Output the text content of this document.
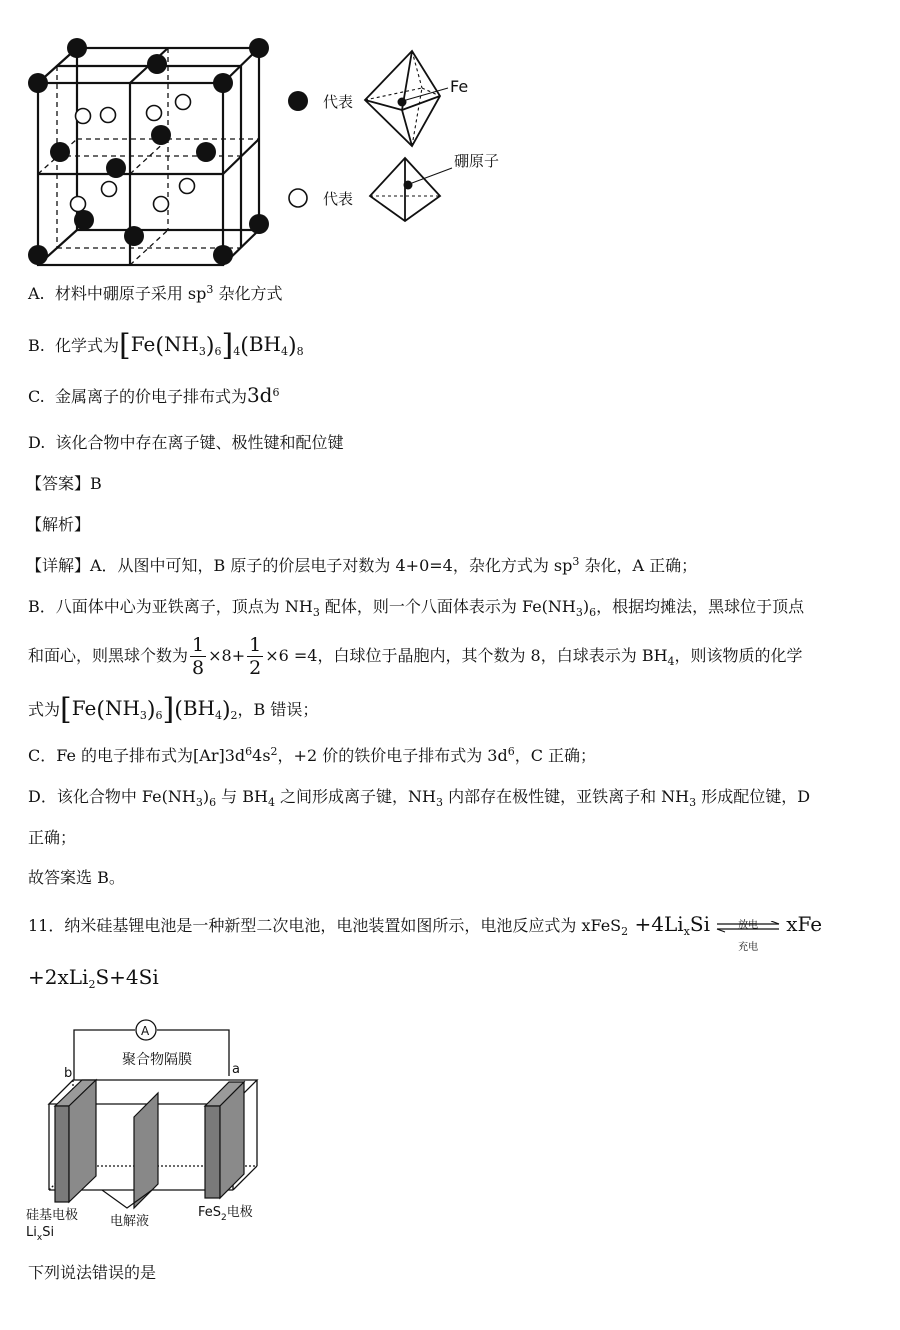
代表
Fe
代表
硼原子
A. 材料中硼原子采用 $sp^3$ 杂化方式
B. 化学式为$[Fe(NH_3)_6]_4(BH_4)_8$
C. 金属离子的价电子排布式为$3d^6$
D. 该化合物中存在离子键、极性键和配位键
【答案】B
【解析】
【详解】A．从图中可知，B 原子的价层电子对数为 4+0=4，杂化方式为 $sp^3$ 杂化，A 正确；
B．八面体中心为亚铁离子，顶点为 $NH_3$ 配体，则一个八面体表示为 $Fe(NH_3)_6$，根据均摊法，黑球位于顶点
和面心，则黑球个数为 $\frac{1}{8} \times 8+ \frac{1}{2} \times 6 =4$，白球位于晶胞内，其个数为 8，白球表示为 $BH_4$，则该物质的化学
式为$[Fe(NH_3)_6](BH_4)_2$，B 错误；
C．Fe 的电子排布式为$[Ar]3d^64s^2$，+2 价的铁价电子排布式为 $3d^6$，C 正确；
D．该化合物中 $Fe(NH_3)_6$ 与 $BH_4$ 之间形成离子键，$NH_3$ 内部存在极性键，亚铁离子和 $NH_3$ 形成配位键，D
正确；
故答案选 B。
11．纳米硅基锂电池是一种新型二次电池，电池装置如图所示，电池反应式为 xFeS$_2$ $+4Li_xSi$	放电
充电
xFe
+2xLi$_2$S+4Si
A
聚合物隔膜
b	a
硅基电极
$Li_xSi$
电解液
FeS$_2$电极
下列说法错误的是
